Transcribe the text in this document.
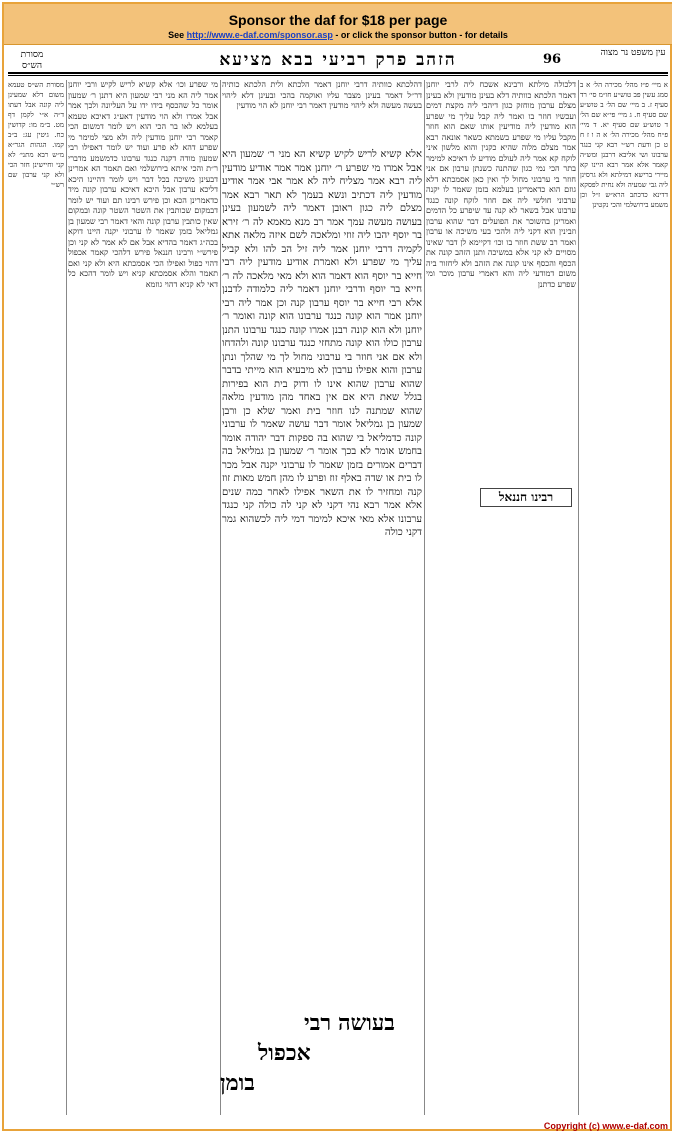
Sponsor the daf for $18 per page
See http://www.e-daf.com/sponsor.asp - or click the sponsor button - for details
מסורת הש״ס	הזהב פרק רביעי בבא מציעא	96	עין משפט נר מצוה
מסורת הש״ס טעמא משום דלא שמעינן ליה קונה אבל דעתו ד״ה א״י לקמן דף מט. ב״מ מו: קדושין כח. גיטין עג: ב״ב קמו. הגהות הגר״א מ״ש רבא מתני׳ לא קני וחיישינן חזר הכי ולא קני ערבון שם רש״י
מי שפרע וכו׳ אלא קשיא לריש לקיש ורבי יוחנן אמר ליה הא מני רבי שמעון היא דתנן ר׳ שמעון אומר כל שהכסף בידו ידו על העליונה ולכך אמר אבל אמרו ולא הוי מודעין דאע״ג דאיכא טעמא בעלמא לאו בר הכי הוא ויש לומר דמשום הכי קאמר רבי יוחנן מודעין ליה ולא מצי למימר מי שפרע דהא לא פרע ועוד יש לומר דאפילו רבי שמעון מודה דקנה כנגד ערבונו כדמשמע מדברי ר״ת והכי איתא בירושלמי ואם תאמר הא אמרינן דבעינן משיכה בכל דבר ויש לומר דהיינו היכא דליכא ערבון אבל היכא דאיכא ערבון קונה מיד כדאמרינן הכא וכן פירש רבינו תם ועוד יש לומר דבמקום שכותבין את השטר השטר קונה ובמקום שאין כותבין ערבון קונה והאי דאמר רבי שמעון בן גמליאל בזמן שאמר לו ערבוני יקנה היינו דוקא בכה״ג דאמר בהדיא אבל אם לא אמר לא קני וכן פירש״י ורבינו חננאל פירש דלהכי קאמר אכפול דהוי כפול ואפילו הכי אסמכתא היא ולא קני ואם תאמר והלא אסמכתא קניא ויש לומר דהכא כל דאי לא קניא דהוי גוזמא
דהלכתא כוותיה דרבי יוחנן דאמר הלכתא ולית הלכתא כותיה דר״ל דאמר בעינן מצבר עליו ואוקמה בהכי ובעינן דלא ליהוי בעשה מעשה ולא ליהוי מודעין דאמר רבי יוחנן לא הוי מודעין
אלא קשיא לריש לקיש קשיא הא מני ר׳ שמעון היא אבל אמרו מי שפרע ר׳ יוחנן אמר אמר אודיע מודעין ליה רבא אמר מצליח ליה לא אמר אבי אמר אודיע מודעין ליה דכתיב ונשא בעמך לא תאר רבא אמר מצלם ליה כגון ראובן דאמר ליה לשמעון בעינן בעושה מעשה עמך אמר רב מנא מאמא לה ר׳ זירא בר יוסף יהבו ליה זוזי ומלאכה לשם איזה מלאה אתא לקמיה דרבי יוחנן אמר ליה זיל הב להו ולא קביל עליך מי שפרע ולא ואמרת אודיע מודעין ליה רבי חייא בר יוסף הוא דאמר הוא ולא מאי מלאכה לה ר׳ חייא בר יוסף ודרבי יוחנן דאמר ליה כלמודה לדבנן אלא רבי חייא בר יוסף ערבון קנה וכן אמר ליה רבי יוחנן אמר הוא קונה כנגד ערבונו הוא קונה ואומר ר׳ יוחנן ולא הוא קונה רבנן אמרו קונה כנגד ערבונו התנן ערבון כולו הוא קונה מתחזי כנגד ערבונו קונה ולהדחו ולא אם אני חוזר בי ערבוני מחול לך מי שהלך ונתן ערבון והוא אפילו ערבון לא מיבעיא הוא מייתי בדבר שהוא ערבון שהוא אינו לו ודוק בית הוא בפירות בגלל שאת היא אם אין באחד מהן מודעין מלאה שהוא שמתנה לנו חוזר בית ואמר שלא כן ורבן שמעון בן גמליאל אומר דבר עושה שאמר לו ערבוני קונה כדמליאל בי שהוא בה ספקות דבר יהודה אומר בחמש אומר לא בכך אומר ר׳ שמעון בן גמליאל בה דברים אמורים בזמן שאמר לו ערבוני יקנה אבל מכר לו בית או שדה באלף זוז ופרע לו מהן חמש מאות זוז קנה ומחזיר לו את השאר אפילו לאחר כמה שנים אלא אמר רבא נהי דקני לא קני לה כולה קני כנגד ערבונו אלא מאי איכא למימר דמי ליה לכשהוא גמר דקני כולה
דלכולה מילתא ורבינא אשכח ליה לרבי יוחנן דאמר הלכתא כוותיה דלא בעינן מודעין ולא בעינן מצלם ערבון מוחזק כגון דיהבי ליה מקצת דמים ועכשיו חוזר בו ואמר ליה קבל עליך מי שפרע הוא מודעין ליה מודיעין אותו שאם הוא חוזר מקבל עליו מי שפרע בשמתא כשאר אונאה רבא אמר מצלם מלוה שהיא כקנין והוא מלשון איני לוקח קא אמר ליה לעולם מודיע לו דאיכא למימר בתר הכי נמי כגון שהתנה כשנתן ערבון אם אני חוזר בי ערבוני מחול לך ואין כאן אסמכתא דלא גוזם הוא כדאמרינן בעלמא בזמן שאמר לו יקנה ערבוני חולשי ליה אם חוזר לוקח קונה כנגד ערבונו אבל בשאר לא קנה עד שיפרע כל הדמים ואמרינן בהשוכר את הפועלים דבר שהוא ערבון וזבינין הוא דקני ליה ולהכי בעי משיכה או ערבון ואמר רב ששת חוזר בו וכו׳ דקיימא לן דבר שאינו מסויים לא קני אלא במשיכה ותנן הזהב קונה את הכסף והכסף אינו קונה את הזהב ולא ליחזור ביה משום דמודעי ליה והא דאמרי ערבון מוכר ומי שפרע כדתנן
רבינו חננאל
א מיי׳ פ״ז מהל׳ מכירה הל׳ א ב סמג עשין פב טוש״ע חו״מ סי׳ רד סעיף ז. ב מיי׳ שם הל׳ ב טוש״ע שם סעיף ח. ג מיי׳ פי״א שם הל׳ ד טוש״ע שם סעיף יא. ד מיי׳ פ״ח מהל׳ מכירה הל׳ א ה ו ז ח ט כן ודעת רש״י רבא קני כנגד ערבונו ושי אליבא דרבנן ומש״ה קאמר אלא אמר רבא היינו קא מיירי ברישא דמילתא ולא גרסינן ליה גבי שמעיה ולא נחית לפסקא דדינא כדכתב הרא״ש ז״ל וכן משמע בירושלמי והכי נקטינן
בעושה
רבי
אכפול
בומן
Copyright (c) www.e-daf.com
